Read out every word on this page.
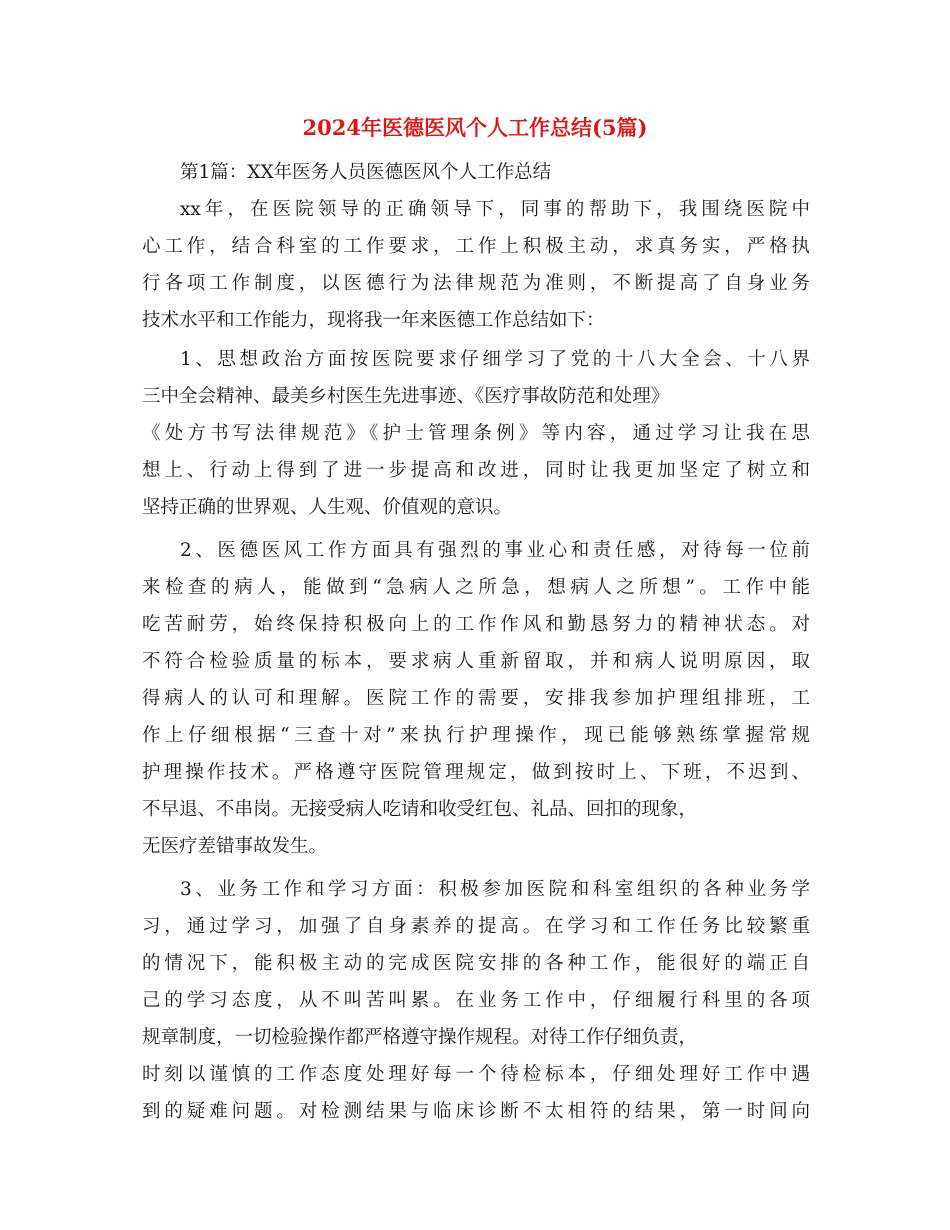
2024年医德医风个人工作总结(5篇)
第1篇：XX年医务人员医德医风个人工作总结
xx年，在医院领导的正确领导下，同事的帮助下，我围绕医院中
心工作，结合科室的工作要求，工作上积极主动，求真务实，严格执
行各项工作制度，以医德行为法律规范为准则，不断提高了自身业务
技术水平和工作能力，现将我一年来医德工作总结如下：
1、思想政治方面按医院要求仔细学习了党的十八大全会、十八界
三中全会精神、最美乡村医生先进事迹、《医疗事故防范和处理》
《处方书写法律规范》《护士管理条例》等内容，通过学习让我在思
想上、行动上得到了进一步提高和改进，同时让我更加坚定了树立和
坚持正确的世界观、人生观、价值观的意识。
2、医德医风工作方面具有强烈的事业心和责任感，对待每一位前
来检查的病人，能做到“急病人之所急，想病人之所想”。工作中能
吃苦耐劳，始终保持积极向上的工作作风和勤恳努力的精神状态。对
不符合检验质量的标本，要求病人重新留取，并和病人说明原因，取
得病人的认可和理解。医院工作的需要，安排我参加护理组排班，工
作上仔细根据“三查十对”来执行护理操作，现已能够熟练掌握常规
护理操作技术。严格遵守医院管理规定，做到按时上、下班，不迟到、
不早退、不串岗。无接受病人吃请和收受红包、礼品、回扣的现象，
无医疗差错事故发生。
3、业务工作和学习方面：积极参加医院和科室组织的各种业务学
习，通过学习，加强了自身素养的提高。在学习和工作任务比较繁重
的情况下，能积极主动的完成医院安排的各种工作，能很好的端正自
己的学习态度，从不叫苦叫累。在业务工作中，仔细履行科里的各项
规章制度，一切检验操作都严格遵守操作规程。对待工作仔细负责，
时刻以谨慎的工作态度处理好每一个待检标本，仔细处理好工作中遇
到的疑难问题。对检测结果与临床诊断不太相符的结果，第一时间向
